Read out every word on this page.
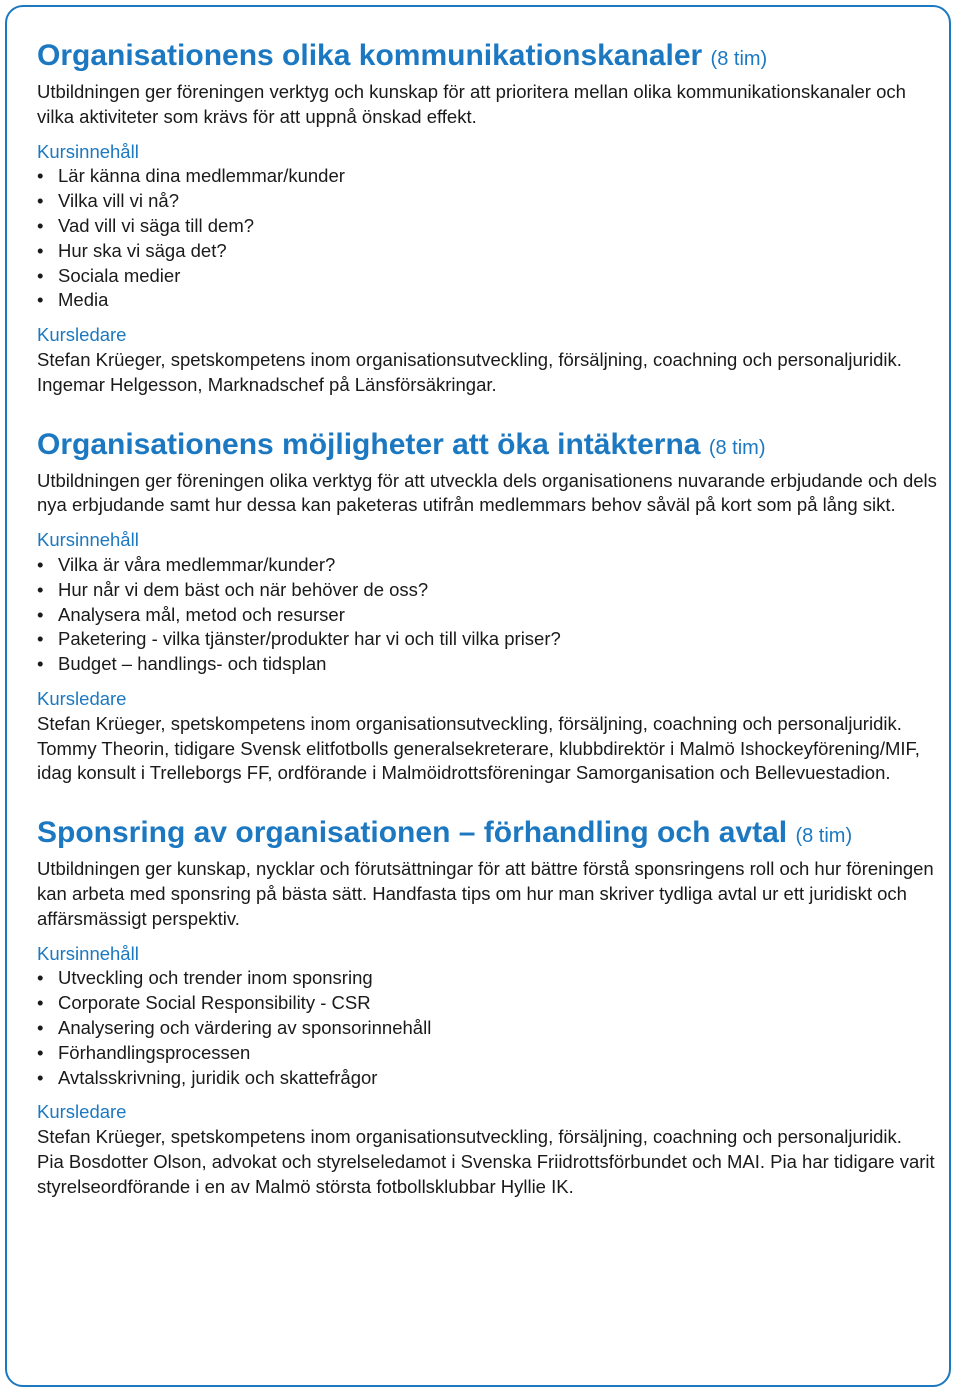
Organisationens olika kommunikationskanaler (8 tim)

Utbildningen ger föreningen verktyg och kunskap för att prioritera mellan olika kommunikationskanaler och vilka aktiviteter som krävs för att uppnå önskad effekt.

Kursinnehåll
• Lär känna dina medlemmar/kunder
• Vilka vill vi nå?
• Vad vill vi säga till dem?
• Hur ska vi säga det?
• Sociala medier
• Media
Kursledare

Stefan Krüeger, spetskompetens inom organisationsutveckling, försäljning, coachning och personaljuridik.

Ingemar Helgesson, Marknadschef på Länsförsäkringar.

Organisationens möjligheter att öka intäkterna (8 tim)

Utbildningen ger föreningen olika verktyg för att utveckla dels organisationens nuvarande erbjudande och dels nya erbjudande samt hur dessa kan paketeras utifrån medlemmars behov såväl på kort som på lång sikt.

Kursinnehåll
• Vilka är våra medlemmar/kunder?
• Hur når vi dem bäst och när behöver de oss?
• Analysera mål, metod och resurser
• Paketering - vilka tjänster/produkter har vi och till vilka priser?
• Budget – handlings- och tidsplan
Kursledare

Stefan Krüeger, spetskompetens inom organisationsutveckling, försäljning, coachning och personaljuridik.

Tommy Theorin, tidigare Svensk elitfotbolls generalsekreterare, klubbdirektör i Malmö Ishockeyförening/MIF, idag konsult i Trelleborgs FF, ordförande i Malmöidrottsföreningar Samorganisation och Bellevuestadion.

Sponsring av organisationen – förhandling och avtal (8 tim)

Utbildningen ger kunskap, nycklar och förutsättningar för att bättre förstå sponsringens roll och hur föreningen kan arbeta med sponsring på bästa sätt. Handfasta tips om hur man skriver tydliga avtal ur ett juridiskt och affärsmässigt perspektiv.

Kursinnehåll
• Utveckling och trender inom sponsring
• Corporate Social Responsibility - CSR
• Analysering och värdering av sponsorinnehåll
• Förhandlingsprocessen
• Avtalsskrivning, juridik och skattefrågor
Kursledare

Stefan Krüeger, spetskompetens inom organisationsutveckling, försäljning, coachning och personaljuridik.

Pia Bosdotter Olson, advokat och styrelseledamot i Svenska Friidrottsförbundet och MAI. Pia har tidigare varit styrelseordförande i en av Malmö största fotbollsklubbar Hyllie IK.
